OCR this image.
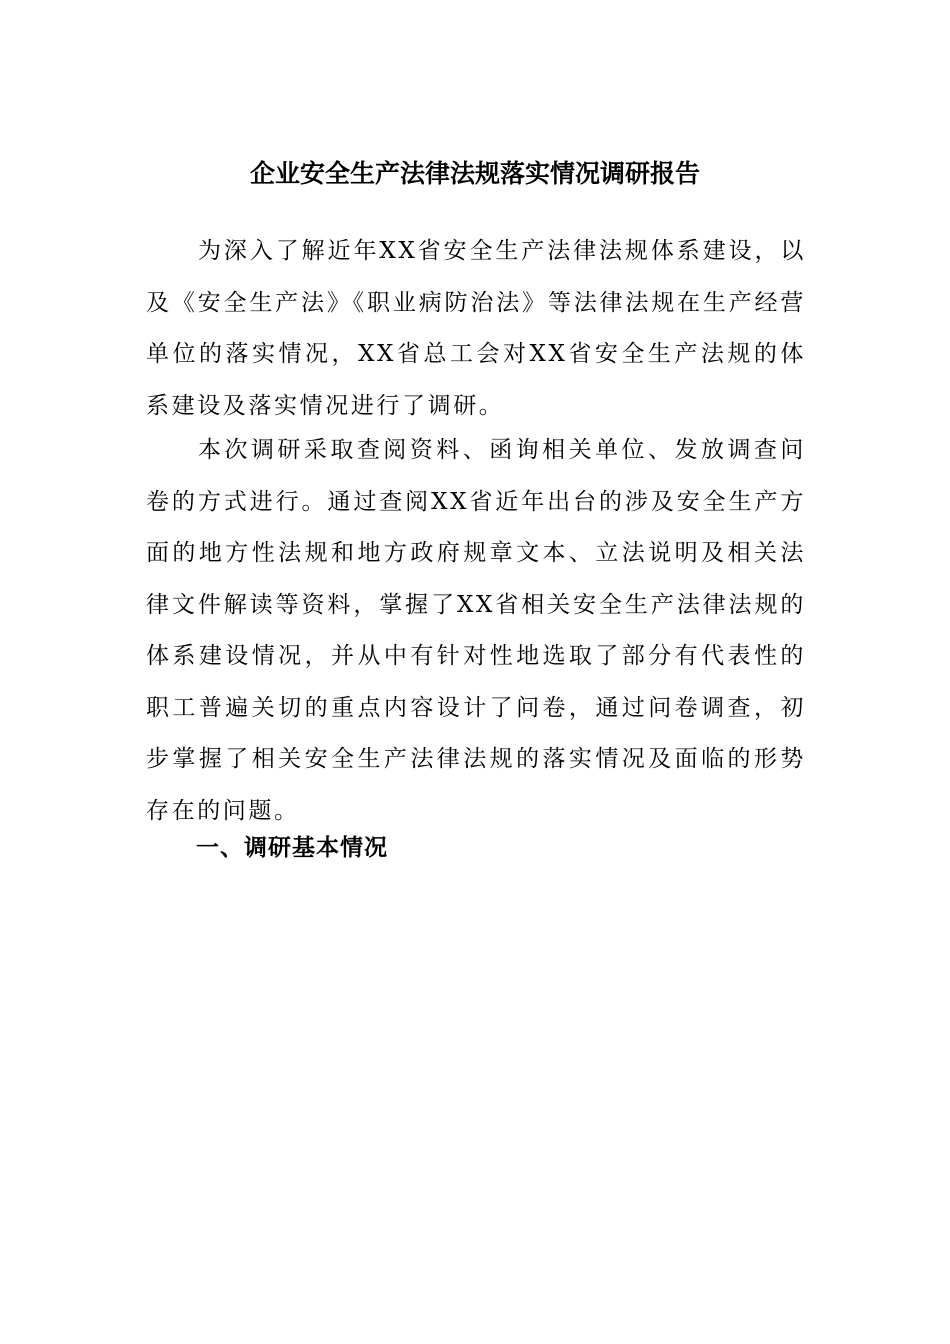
企业安全生产法律法规落实情况调研报告

为深入了解近年XX省安全生产法律法规体系建设，以及《安全生产法》《职业病防治法》等法律法规在生产经营单位的落实情况，XX省总工会对XX省安全生产法规的体系建设及落实情况进行了调研。

本次调研采取查阅资料、函询相关单位、发放调查问卷的方式进行。通过查阅XX省近年出台的涉及安全生产方面的地方性法规和地方政府规章文本、立法说明及相关法律文件解读等资料，掌握了XX省相关安全生产法律法规的体系建设情况，并从中有针对性地选取了部分有代表性的职工普遍关切的重点内容设计了问卷，通过问卷调查，初步掌握了相关安全生产法律法规的落实情况及面临的形势存在的问题。

一、调研基本情况
